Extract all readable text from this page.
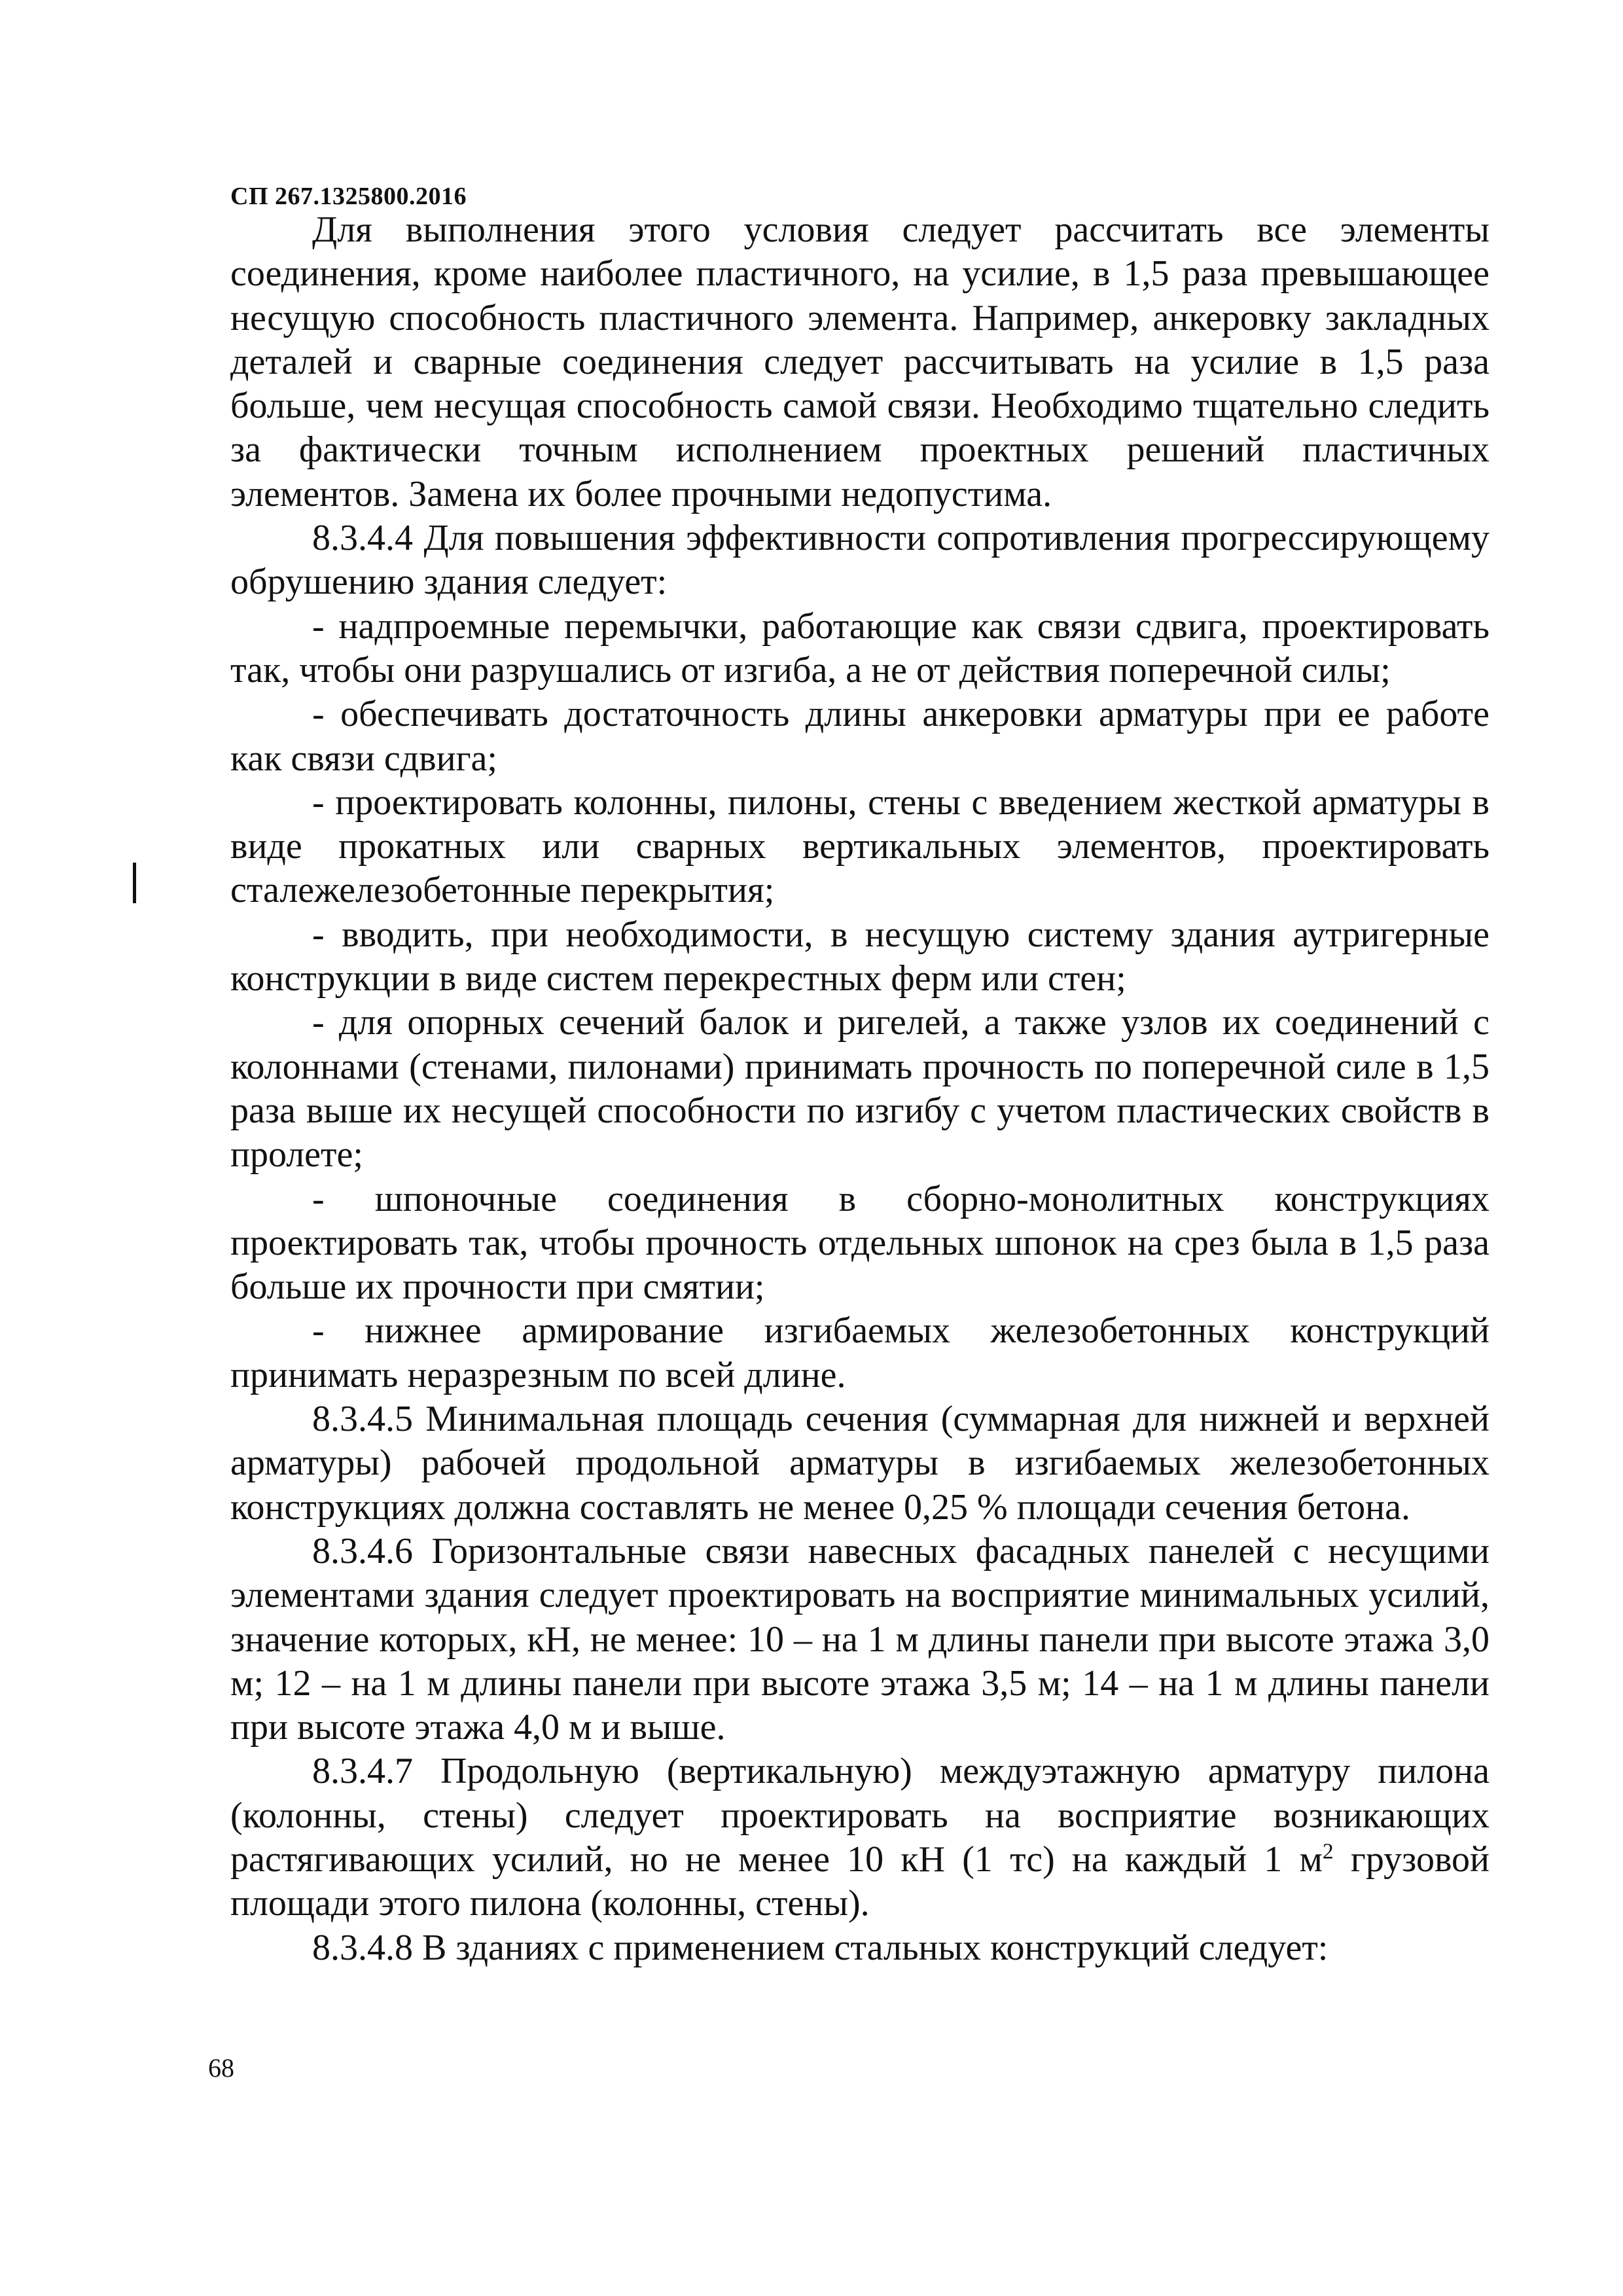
СП 267.1325800.2016

Для выполнения этого условия следует рассчитать все элементы соединения, кроме наиболее пластичного, на усилие, в 1,5 раза превышающее несущую способность пластичного элемента. Например, анкеровку закладных деталей и сварные соединения следует рассчитывать на усилие в 1,5 раза больше, чем несущая способность самой связи. Необходимо тщательно следить за фактически точным исполнением проектных решений пластичных элементов. Замена их более прочными недопустима.

8.3.4.4 Для повышения эффективности сопротивления прогрессирующему обрушению здания следует:

- надпроемные перемычки, работающие как связи сдвига, проектировать так, чтобы они разрушались от изгиба, а не от действия поперечной силы;

- обеспечивать достаточность длины анкеровки арматуры при ее работе как связи сдвига;

- проектировать колонны, пилоны, стены с введением жесткой арматуры в виде прокатных или сварных вертикальных элементов, проектировать сталежелезобетонные перекрытия;

- вводить, при необходимости, в несущую систему здания аутригерные конструкции в виде систем перекрестных ферм или стен;

- для опорных сечений балок и ригелей, а также узлов их соединений с колоннами (стенами, пилонами) принимать прочность по поперечной силе в 1,5 раза выше их несущей способности по изгибу с учетом пластических свойств в пролете;

- шпоночные соединения в сборно-монолитных конструкциях проектировать так, чтобы прочность отдельных шпонок на срез была в 1,5 раза больше их прочности при смятии;

- нижнее армирование изгибаемых железобетонных конструкций принимать неразрезным по всей длине.

8.3.4.5 Минимальная площадь сечения (суммарная для нижней и верхней арматуры) рабочей продольной арматуры в изгибаемых железобетонных конструкциях должна составлять не менее 0,25 % площади сечения бетона.

8.3.4.6 Горизонтальные связи навесных фасадных панелей с несущими элементами здания следует проектировать на восприятие минимальных усилий, значение которых, кН, не менее: 10 – на 1 м длины панели при высоте этажа 3,0 м; 12 – на 1 м длины панели при высоте этажа 3,5 м; 14 – на 1 м длины панели при высоте этажа 4,0 м и выше.

8.3.4.7 Продольную (вертикальную) междуэтажную арматуру пилона (колонны, стены) следует проектировать на восприятие возникающих растягивающих усилий, но не менее 10 кН (1 тс) на каждый 1 $м^2$ грузовой площади этого пилона (колонны, стены).

8.3.4.8 В зданиях с применением стальных конструкций следует:

68
